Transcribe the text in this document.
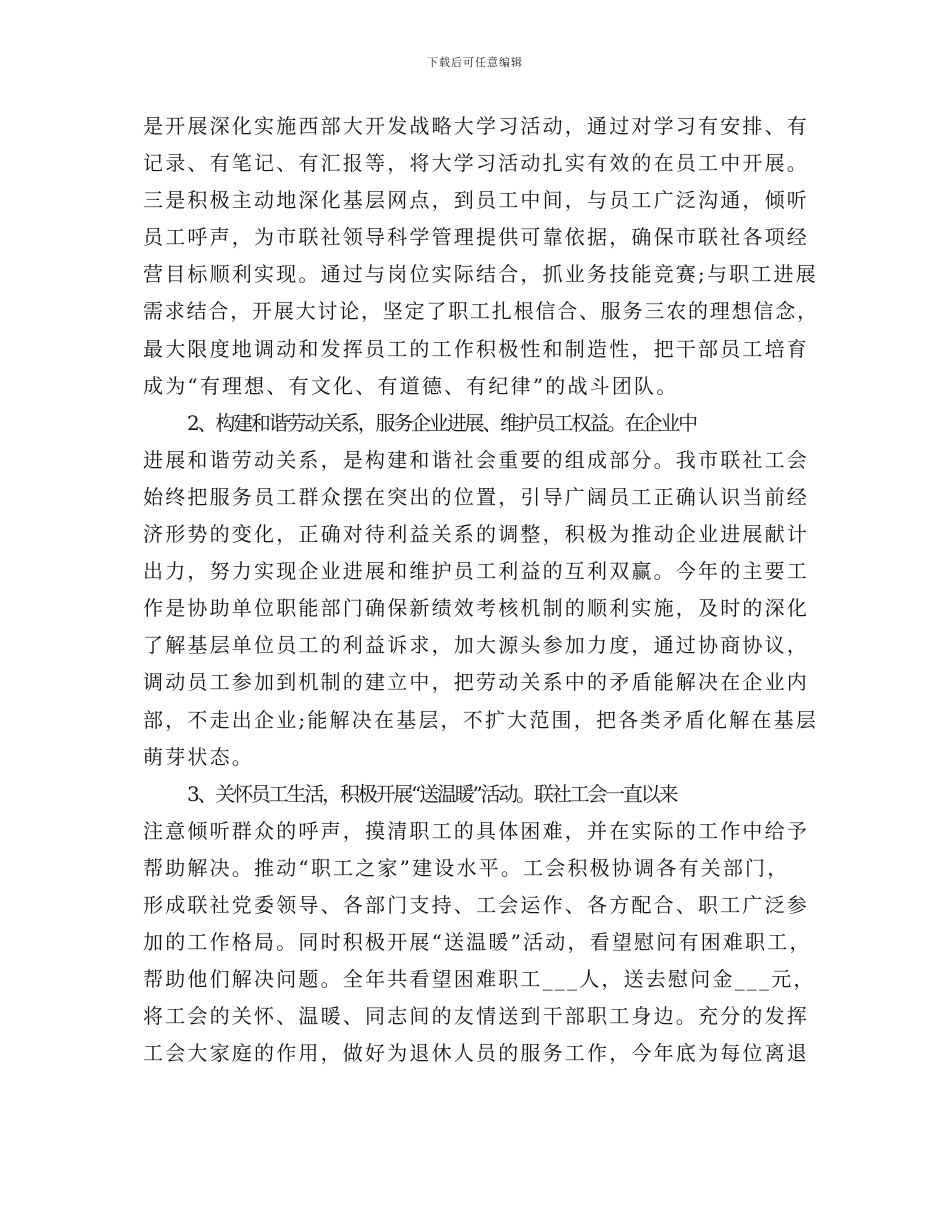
下载后可任意编辑
是开展深化实施西部大开发战略大学习活动，通过对学习有安排、有
记录、有笔记、有汇报等，将大学习活动扎实有效的在员工中开展。
三是积极主动地深化基层网点，到员工中间，与员工广泛沟通，倾听
员工呼声，为市联社领导科学管理提供可靠依据，确保市联社各项经
营目标顺利实现。通过与岗位实际结合，抓业务技能竞赛;与职工进展
需求结合，开展大讨论，坚定了职工扎根信合、服务三农的理想信念，
最大限度地调动和发挥员工的工作积极性和制造性，把干部员工培育
成为“有理想、有文化、有道德、有纪律”的战斗团队。
2、构建和谐劳动关系，服务企业进展、维护员工权益。在企业中
进展和谐劳动关系，是构建和谐社会重要的组成部分。我市联社工会
始终把服务员工群众摆在突出的位置，引导广阔员工正确认识当前经
济形势的变化，正确对待利益关系的调整，积极为推动企业进展献计
出力，努力实现企业进展和维护员工利益的互利双赢。今年的主要工
作是协助单位职能部门确保新绩效考核机制的顺利实施，及时的深化
了解基层单位员工的利益诉求，加大源头参加力度，通过协商协议，
调动员工参加到机制的建立中，把劳动关系中的矛盾能解决在企业内
部，不走出企业;能解决在基层，不扩大范围，把各类矛盾化解在基层
萌芽状态。
3、关怀员工生活，积极开展“送温暖”活动。联社工会一直以来
注意倾听群众的呼声，摸清职工的具体困难，并在实际的工作中给予
帮助解决。推动“职工之家”建设水平。工会积极协调各有关部门，
形成联社党委领导、各部门支持、工会运作、各方配合、职工广泛参
加的工作格局。同时积极开展“送温暖”活动，看望慰问有困难职工，
帮助他们解决问题。全年共看望困难职工___人，送去慰问金___元，
将工会的关怀、温暖、同志间的友情送到干部职工身边。充分的发挥
工会大家庭的作用，做好为退休人员的服务工作，今年底为每位离退
